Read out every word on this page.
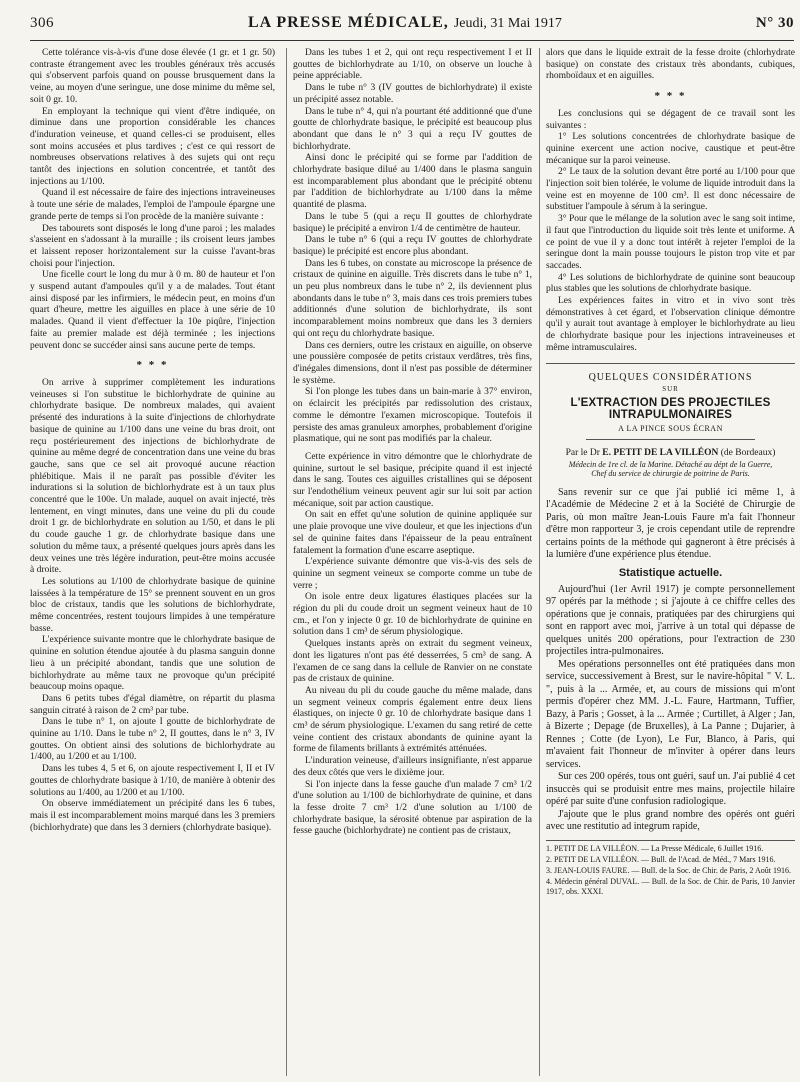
306	LA PRESSE MÉDICALE, Jeudi, 31 Mai 1917	N° 30

Cette tolérance vis-à-vis d'une dose élevée (1 gr. et 1 gr. 50) contraste étrangement avec les troubles généraux très accusés qui s'observent parfois quand on pousse brusquement dans la veine, au moyen d'une seringue, une dose minime du même sel, soit 0 gr. 10.

En employant la technique qui vient d'être indiquée, on diminue dans une proportion considérable les chances d'induration veineuse, et quand celles-ci se produisent, elles sont moins accusées et plus tardives ; c'est ce qui ressort de nombreuses observations relatives à des sujets qui ont reçu tantôt des injections en solution concentrée, et tantôt des injections au 1/100.

Quand il est nécessaire de faire des injections intraveineuses à toute une série de malades, l'emploi de l'ampoule épargne une grande perte de temps si l'on procède de la manière suivante :

Des tabourets sont disposés le long d'une paroi ; les malades s'asseient en s'adossant à la muraille ; ils croisent leurs jambes et laissent reposer horizontalement sur la cuisse l'avant-bras choisi pour l'injection.

Une ficelle court le long du mur à 0 m. 80 de hauteur et l'on y suspend autant d'ampoules qu'il y a de malades. Tout étant ainsi disposé par les infirmiers, le médecin peut, en moins d'un quart d'heure, mettre les aiguilles en place à une série de 10 malades. Quand il vient d'effectuer la 10e piqûre, l'injection faite au premier malade est déjà terminée ; les injections peuvent donc se succéder ainsi sans aucune perte de temps.

* * *

On arrive à supprimer complètement les indurations veineuses si l'on substitue le bichlorhydrate de quinine au chlorhydrate basique. De nombreux malades, qui avaient présenté des indurations à la suite d'injections de chlorhydrate basique de quinine au 1/100 dans une veine du bras droit, ont reçu postérieurement des injections de bichlorhydrate de quinine au même degré de concentration dans une veine du bras gauche, sans que ce sel ait provoqué aucune réaction phlébitique. Mais il ne paraît pas possible d'éviter les indurations si la solution de bichlorhydrate est à un taux plus concentré que le 100e. Un malade, auquel on avait injecté, très lentement, en vingt minutes, dans une veine du pli du coude droit 1 gr. de bichlorhydrate en solution au 1/50, et dans le pli du coude gauche 1 gr. de chlorhydrate basique dans une solution du même taux, a présenté quelques jours après dans les deux veines une très légère induration, peut-être moins accusée à droite.

Les solutions au 1/100 de chlorhydrate basique de quinine laissées à la température de 15° se prennent souvent en un gros bloc de cristaux, tandis que les solutions de bichlorhydrate, même concentrées, restent toujours limpides à une température basse.

L'expérience suivante montre que le chlorhydrate basique de quinine en solution étendue ajoutée à du plasma sanguin donne lieu à un précipité abondant, tandis que une solution de bichlorhydrate au même taux ne provoque qu'un précipité beaucoup moins opaque.

Dans 6 petits tubes d'égal diamètre, on répartit du plasma sanguin citraté à raison de 2 cm³ par tube.

Dans le tube n° 1, on ajoute I goutte de bichlorhydrate de quinine au 1/10. Dans le tube n° 2, II gouttes, dans le n° 3, IV gouttes. On obtient ainsi des solutions de bichlorhydrate au 1/400, au 1/200 et au 1/100.

Dans les tubes 4, 5 et 6, on ajoute respectivement I, II et IV gouttes de chlorhydrate basique à 1/10, de manière à obtenir des solutions au 1/400, au 1/200 et au 1/100.

On observe immédiatement un précipité dans les 6 tubes, mais il est incomparablement moins marqué dans les 3 premiers (bichlorhydrate) que dans les 3 derniers (chlorhydrate basique).

Dans les tubes 1 et 2, qui ont reçu respectivement I et II gouttes de bichlorhydrate au 1/10, on observe un louche à peine appréciable.

Dans le tube n° 3 (IV gouttes de bichlorhydrate) il existe un précipité assez notable.

Dans le tube n° 4, qui n'a pourtant été additionné que d'une goutte de chlorhydrate basique, le précipité est beaucoup plus abondant que dans le n° 3 qui a reçu IV gouttes de bichlorhydrate.

Ainsi donc le précipité qui se forme par l'addition de chlorhydrate basique dilué au 1/400 dans le plasma sanguin est incomparablement plus abondant que le précipité obtenu par l'addition de bichlorhydrate au 1/100 dans la même quantité de plasma.

Dans le tube 5 (qui a reçu II gouttes de chlorhydrate basique) le précipité a environ 1/4 de centimètre de hauteur.

Dans le tube n° 6 (qui a reçu IV gouttes de chlorhydrate basique) le précipité est encore plus abondant.

Dans les 6 tubes, on constate au microscope la présence de cristaux de quinine en aiguille. Très discrets dans le tube n° 1, un peu plus nombreux dans le tube n° 2, ils deviennent plus abondants dans le tube n° 3, mais dans ces trois premiers tubes additionnés d'une solution de bichlorhydrate, ils sont incomparablement moins nombreux que dans les 3 derniers qui ont reçu du chlorhydrate basique.

Dans ces derniers, outre les cristaux en aiguille, on observe une poussière composée de petits cristaux verdâtres, très fins, d'inégales dimensions, dont il n'est pas possible de déterminer le système.

Si l'on plonge les tubes dans un bain-marie à 37° environ, on éclaircit les précipités par redissolution des cristaux, comme le démontre l'examen microscopique. Toutefois il persiste des amas granuleux amorphes, probablement d'origine plasmatique, qui ne sont pas modifiés par la chaleur.

Cette expérience in vitro démontre que le chlorhydrate de quinine, surtout le sel basique, précipite quand il est injecté dans le sang. Toutes ces aiguilles cristallines qui se déposent sur l'endothélium veineux peuvent agir sur lui soit par action mécanique, soit par action caustique.

On sait en effet qu'une solution de quinine appliquée sur une plaie provoque une vive douleur, et que les injections d'un sel de quinine faites dans l'épaisseur de la peau entraînent fatalement la formation d'une escarre aseptique.

L'expérience suivante démontre que vis-à-vis des sels de quinine un segment veineux se comporte comme un tube de verre ;

On isole entre deux ligatures élastiques placées sur la région du pli du coude droit un segment veineux haut de 10 cm., et l'on y injecte 0 gr. 10 de bichlorhydrate de quinine en solution dans 1 cm³ de sérum physiologique.

Quelques instants après on extrait du segment veineux, dont les ligatures n'ont pas été desserrées, 5 cm³ de sang. A l'examen de ce sang dans la cellule de Ranvier on ne constate pas de cristaux de quinine.

Au niveau du pli du coude gauche du même malade, dans un segment veineux compris également entre deux liens élastiques, on injecte 0 gr. 10 de chlorhydrate basique dans 1 cm³ de sérum physiologique. L'examen du sang retiré de cette veine contient des cristaux abondants de quinine ayant la forme de filaments brillants à extrémités atténuées.

L'induration veineuse, d'ailleurs insignifiante, n'est apparue des deux côtés que vers le dixième jour.

Si l'on injecte dans la fesse gauche d'un malade 7 cm³ 1/2 d'une solution au 1/100 de bichlorhydrate de quinine, et dans la fesse droite 7 cm³ 1/2 d'une solution au 1/100 de chlorhydrate basique, la sérosité obtenue par aspiration de la fesse gauche (bichlorhydrate) ne contient pas de cristaux,

alors que dans le liquide extrait de la fesse droite (chlorhydrate basique) on constate des cristaux très abondants, cubiques, rhomboïdaux et en aiguilles.

* * *

Les conclusions qui se dégagent de ce travail sont les suivantes :

1° Les solutions concentrées de chlorhydrate basique de quinine exercent une action nocive, caustique et peut-être mécanique sur la paroi veineuse.

2° Le taux de la solution devant être porté au 1/100 pour que l'injection soit bien tolérée, le volume de liquide introduit dans la veine est en moyenne de 100 cm³. Il est donc nécessaire de substituer l'ampoule à sérum à la seringue.

3° Pour que le mélange de la solution avec le sang soit intime, il faut que l'introduction du liquide soit très lente et uniforme. A ce point de vue il y a donc tout intérêt à rejeter l'emploi de la seringue dont la main pousse toujours le piston trop vite et par saccades.

4° Les solutions de bichlorhydrate de quinine sont beaucoup plus stables que les solutions de chlorhydrate basique.

Les expériences faites in vitro et in vivo sont très démonstratives à cet égard, et l'observation clinique démontre qu'il y aurait tout avantage à employer le bichlorhydrate au lieu de chlorhydrate basique pour les injections intraveineuses et même intramusculaires.

QUELQUES CONSIDÉRATIONS
SUR
L'EXTRACTION DES PROJECTILES INTRAPULMONAIRES
A LA PINCE SOUS ÉCRAN
Par le Dr E. PETIT DE LA VILLÉON (de Bordeaux)
Médecin de 1re cl. de la Marine. Détaché au dépt de la Guerre,
Chef du service de chirurgie de poitrine de Paris.

Sans revenir sur ce que j'ai publié ici même 1, à l'Académie de Médecine 2 et à la Société de Chirurgie de Paris, où mon maître Jean-Louis Faure m'a fait l'honneur d'être mon rapporteur 3, je crois cependant utile de reprendre certains points de la méthode qui gagneront à être précisés à la lumière d'une expérience plus étendue.

Statistique actuelle.

Aujourd'hui (1er Avril 1917) je compte personnellement 97 opérés par la méthode ; si j'ajoute à ce chiffre celles des opérations que je connais, pratiquées par des chirurgiens qui sont en rapport avec moi, j'arrive à un total qui dépasse de quelques unités 200 opérations, pour l'extraction de 230 projectiles intra-pulmonaires.

Mes opérations personnelles ont été pratiquées dans mon service, successivement à Brest, sur le navire-hôpital " V. L. ", puis à la ... Armée, et, au cours de missions qui m'ont permis d'opérer chez MM. J.-L. Faure, Hartmann, Tuffier, Bazy, à Paris ; Gosset, à la ... Armée ; Curtillet, à Alger ; Jan, à Bizerte ; Depage (de Bruxelles), à La Panne ; Dujarier, à Rennes ; Cotte (de Lyon), Le Fur, Blanco, à Paris, qui m'avaient fait l'honneur de m'inviter à opérer dans leurs services.

Sur ces 200 opérés, tous ont guéri, sauf un. J'ai publié 4 cet insuccès qui se produisit entre mes mains, projectile hilaire opéré par suite d'une confusion radiologique.

J'ajoute que le plus grand nombre des opérés ont guéri avec une restitutio ad integrum rapide,

1. PETIT DE LA VILLÉON. — La Presse Médicale, 6 Juillet 1916.
2. PETIT DE LA VILLÉON. — Bull. de l'Acad. de Méd., 7 Mars 1916.
3. JEAN-LOUIS FAURE. — Bull. de la Soc. de Chir. de Paris, 2 Août 1916.
4. Médecin général DUVAL. — Bull. de la Soc. de Chir. de Paris, 10 Janvier 1917, obs. XXXI.
